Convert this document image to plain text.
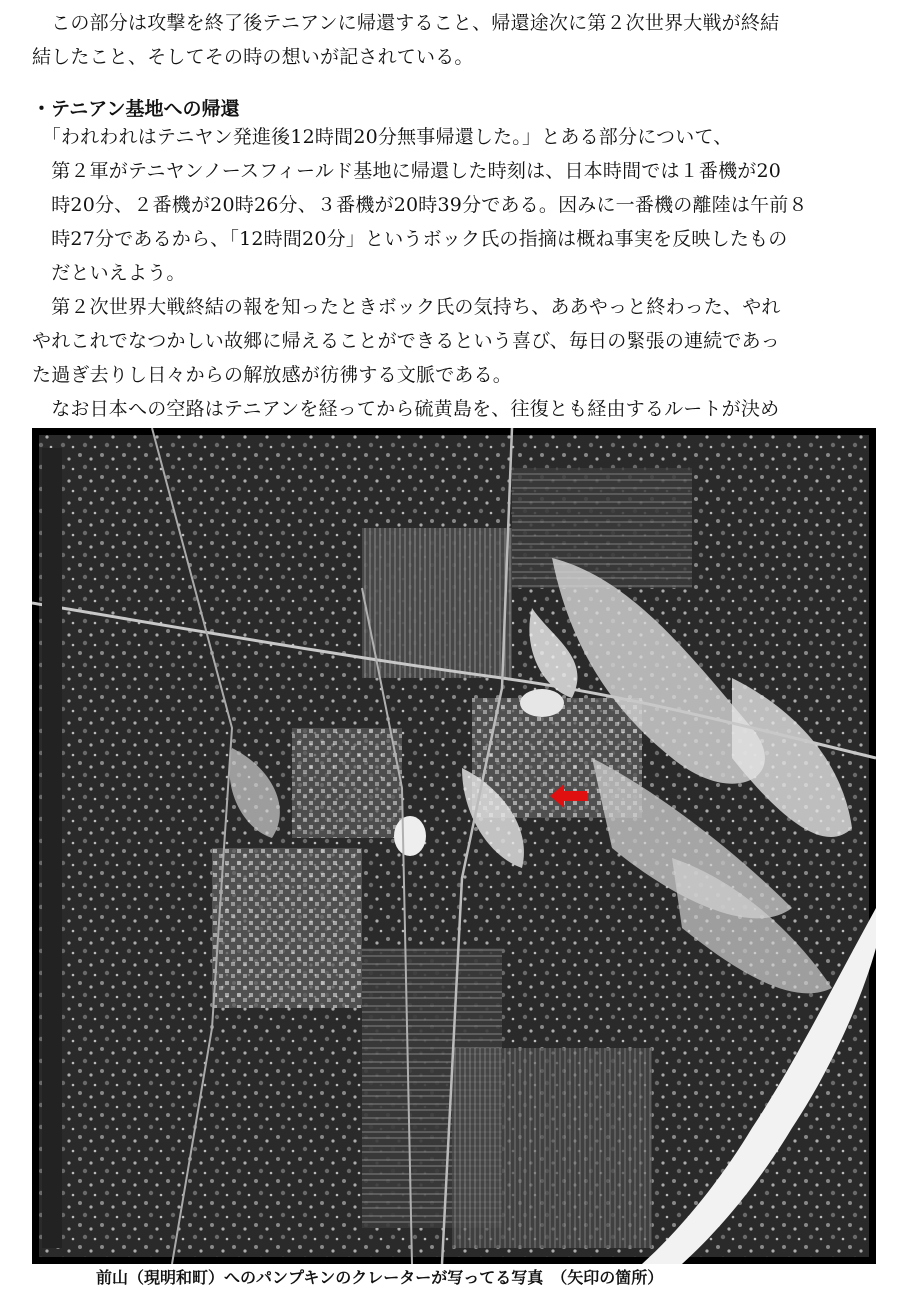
　この部分は攻撃を終了後テニアンに帰還すること、帰還途次に第２次世界大戦が終結
結したこと、そしてその時の想いが記されている。

・テニアン基地への帰還

　「われわれはテニヤン発進後12時間20分無事帰還した。」とある部分について、
　第２軍がテニヤンノースフィールド基地に帰還した時刻は、日本時間では１番機が20
　時20分、２番機が20時26分、３番機が20時39分である。因みに一番機の離陸は午前８
　時27分であるから、「12時間20分」というボック氏の指摘は概ね事実を反映したもの
　だといえよう。
　第２次世界大戦終結の報を知ったときボック氏の気持ち、ああやっと終わった、やれ
やれこれでなつかしい故郷に帰えることができるという喜び、毎日の緊張の連続であっ
た過ぎ去りし日々からの解放感が彷彿する文脈である。
　なお日本への空路はテニアンを経ってから硫黄島を、往復とも経由するルートが決め

前山（現明和町）へのパンプキンのクレーターが写ってる写真　（矢印の箇所）
